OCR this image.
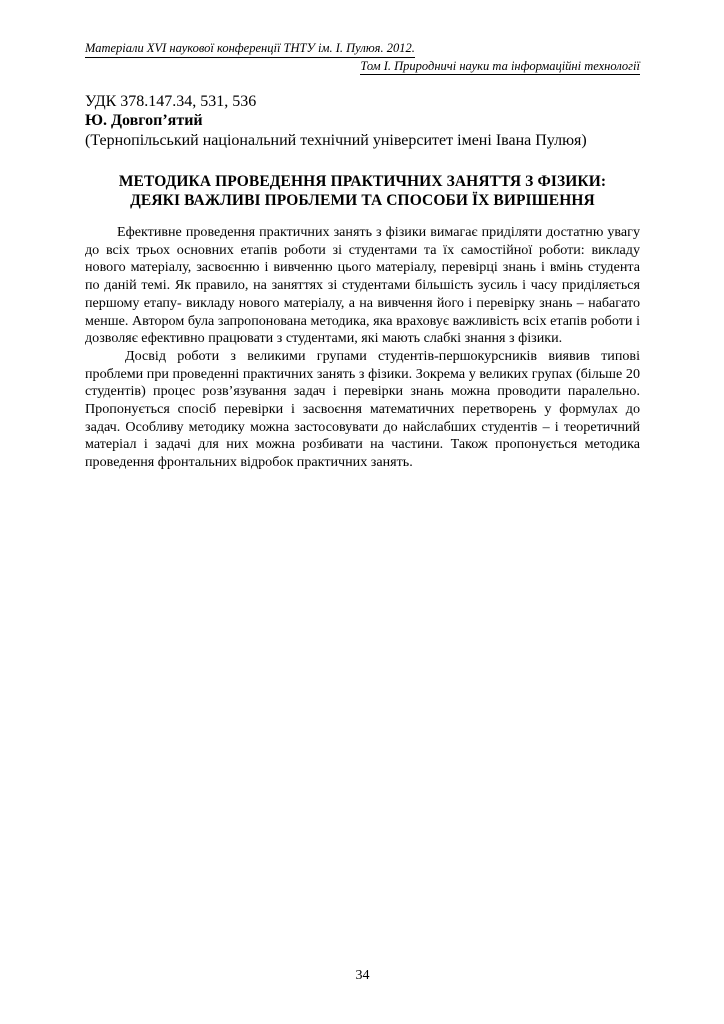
Матеріали XVI наукової конференції ТНТУ ім. І. Пулюя. 2012.
Том І. Природничі науки та інформаційні технології
УДК 378.147.34, 531, 536
Ю. Довгоп’ятий
(Тернопільський національний технічний університет імені Івана Пулюя)
МЕТОДИКА ПРОВЕДЕННЯ ПРАКТИЧНИХ ЗАНЯТТЯ З ФІЗИКИ:
ДЕЯКІ ВАЖЛИВІ ПРОБЛЕМИ ТА СПОСОБИ ЇХ ВИРІШЕННЯ

Ефективне проведення практичних занять з фізики вимагає приділяти достатню увагу до всіх трьох основних етапів роботи зі студентами та їх самостійної роботи: викладу нового матеріалу, засвоєнню і вивченню цього матеріалу, перевірці знань і вмінь студента по даній темі. Як правило, на заняттях зі студентами більшість зусиль і часу приділяється першому етапу- викладу нового матеріалу, а на вивчення його і перевірку знань – набагато менше. Автором була запропонована методика, яка враховує важливість всіх етапів роботи і дозволяє ефективно працювати з студентами, які мають слабкі знання з фізики.

Досвід роботи з великими групами студентів-першокурсників виявив типові проблеми при проведенні практичних занять з фізики. Зокрема у великих групах (більше 20 студентів) процес розв’язування задач і перевірки знань можна проводити паралельно. Пропонується спосіб перевірки і засвоєння математичних перетворень у формулах до задач. Особливу методику можна застосовувати до найслабших студентів – і теоретичний матеріал і задачі для них можна розбивати на частини. Також пропонується методика проведення фронтальних відробок практичних занять.

34
